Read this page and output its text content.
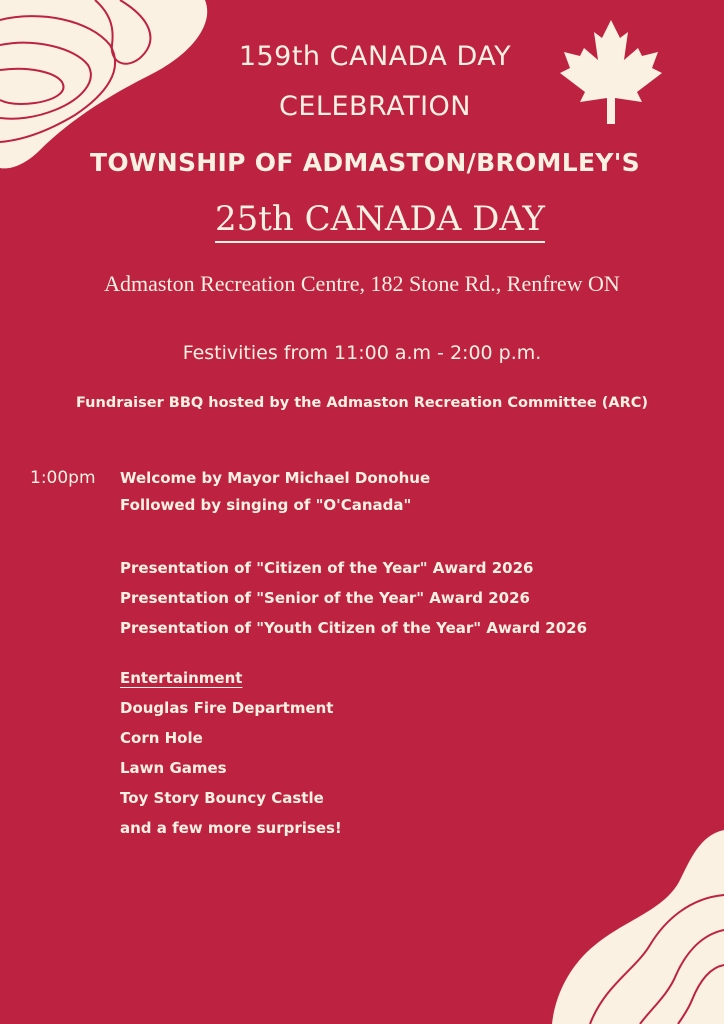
159th CANADA DAY
CELEBRATION
TOWNSHIP OF ADMASTON/BROMLEY'S
25th CANADA DAY
Admaston Recreation Centre, 182 Stone Rd., Renfrew ON
Festivities from 11:00 a.m - 2:00 p.m.
Fundraiser BBQ hosted by the Admaston Recreation Committee (ARC)
1:00pm Welcome by Mayor Michael Donohue
Followed by singing of "O'Canada"
Presentation of "Citizen of the Year" Award 2026
Presentation of "Senior of the Year" Award 2026
Presentation of "Youth Citizen of the Year" Award 2026
Entertainment
Douglas Fire Department
Corn Hole
Lawn Games
Toy Story Bouncy Castle
and a few more surprises!
